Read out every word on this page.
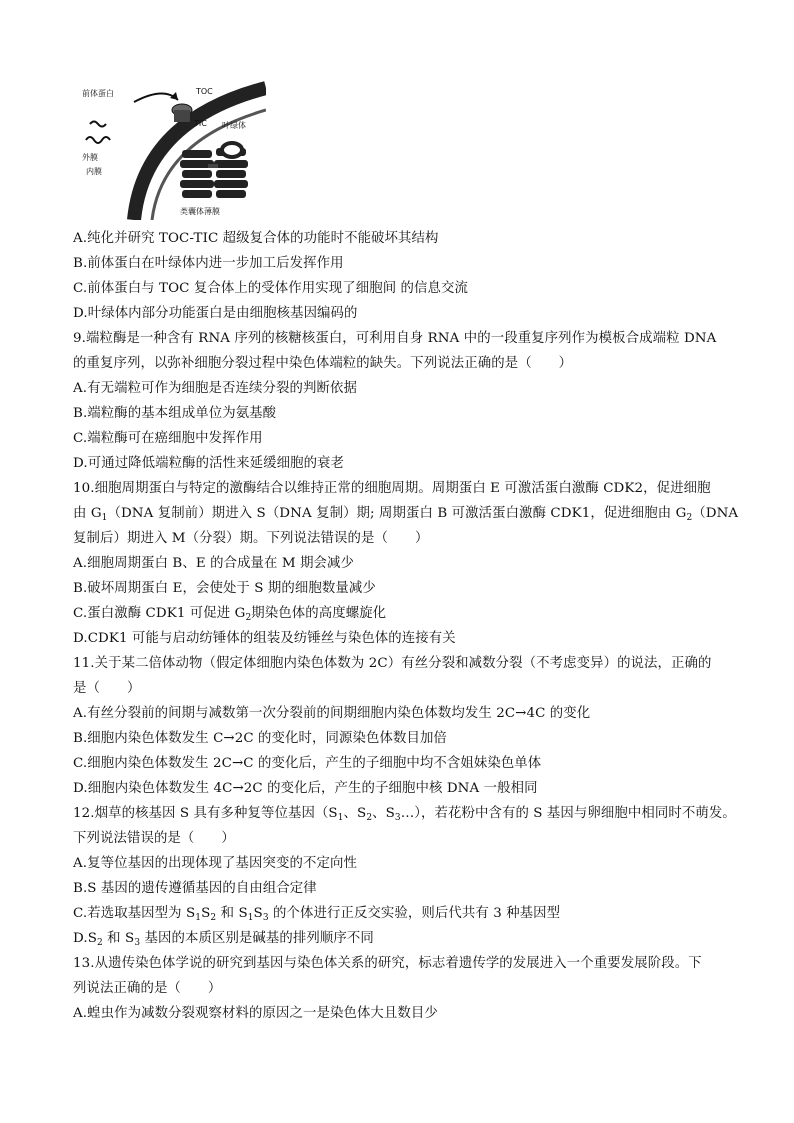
前体蛋白	TOC
TIC 叶绿体
外膜
内膜
类囊体薄膜
A.纯化并研究 TOC-TIC 超级复合体的功能时不能破坏其结构
B.前体蛋白在叶绿体内进一步加工后发挥作用
C.前体蛋白与 TOC 复合体上的受体作用实现了细胞间 的信息交流
D.叶绿体内部分功能蛋白是由细胞核基因编码的
9.端粒酶是一种含有 RNA 序列的核糖核蛋白，可利用自身 RNA 中的一段重复序列作为模板合成端粒 DNA
的重复序列，以弥补细胞分裂过程中染色体端粒的缺失。下列说法正确的是（　　）
A.有无端粒可作为细胞是否连续分裂的判断依据
B.端粒酶的基本组成单位为氨基酸
C.端粒酶可在癌细胞中发挥作用
D.可通过降低端粒酶的活性来延缓细胞的衰老
10.细胞周期蛋白与特定的激酶结合以维持正常的细胞周期。周期蛋白 E 可激活蛋白激酶 CDK2，促进细胞
由 $G_1(DNA$ 复制前）期进入 S（DNA 复制）期; 周期蛋白 B 可激活蛋白激酶 CDK1，促进细胞由 $G_2(DNA$
复制后）期进入 M（分裂）期。下列说法错误的是（　　）
A.细胞周期蛋白 B、E 的合成量在 M 期会减少
B.破坏周期蛋白 E，会使处于 S 期的细胞数量减少
C.蛋白激酶 CDK1 可促进 $G_2$期染色体的高度螺旋化
D.CDK1 可能与启动纺锤体的组装及纺锤丝与染色体的连接有关
11.关于某二倍体动物（假定体细胞内染色体数为 2C）有丝分裂和减数分裂（不考虑变异）的说法，正确的
是（　　）
A.有丝分裂前的间期与减数第一次分裂前的间期细胞内染色体数均发生 2C→4C 的变化
B.细胞内染色体数发生 C→2C 的变化时，同源染色体数目加倍
C.细胞内染色体数发生 2C→C 的变化后，产生的子细胞中均不含姐妹染色单体
D.细胞内染色体数发生 4C→2C 的变化后，产生的子细胞中核 DNA 一般相同
12.烟草的核基因 S 具有多种复等位基因（$S_1$、$S_2$、$S_3\dots$），若花粉中含有的 S 基因与卵细胞中相同时不萌发。
下列说法错误的是（　　）
A.复等位基因的出现体现了基因突变的不定向性
B.S 基因的遗传遵循基因的自由组合定律
C.若选取基因型为 $S_1S_2$ 和 $S_1S_3$ 的个体进行正反交实验，则后代共有 3 种基因型
$D.S_2$ 和 $S_3$ 基因的本质区别是碱基的排列顺序不同
13.从遗传染色体学说的研究到基因与染色体关系的研究，标志着遗传学的发展进入一个重要发展阶段。下
列说法正确的是（　　）
A.蝗虫作为减数分裂观察材料的原因之一是染色体大且数目少
